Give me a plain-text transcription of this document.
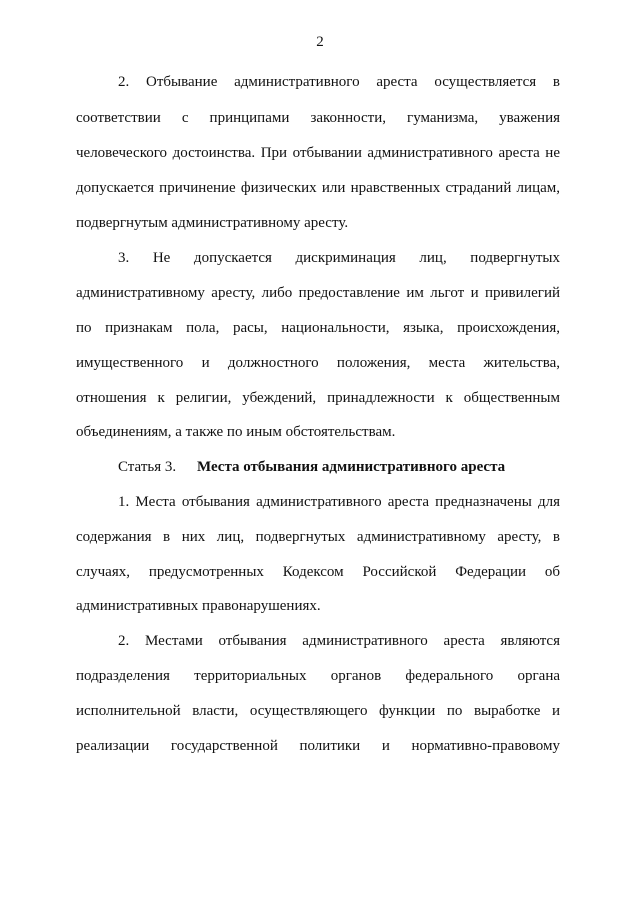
2
2. Отбывание административного ареста осуществляется в
соответствии с принципами законности, гуманизма, уважения
человеческого достоинства. При отбывании административного ареста не
допускается причинение физических или нравственных страданий лицам,
подвергнутым административному аресту.
3. Не допускается дискриминация лиц, подвергнутых
административному аресту, либо предоставление им льгот и привилегий
по признакам пола, расы, национальности, языка, происхождения,
имущественного и должностного положения, места жительства,
отношения к религии, убеждений, принадлежности к общественным
объединениям, а также по иным обстоятельствам.
Статья 3. Места отбывания административного ареста
1. Места отбывания административного ареста предназначены для
содержания в них лиц, подвергнутых административному аресту, в
случаях, предусмотренных Кодексом Российской Федерации об
административных правонарушениях.
2. Местами отбывания административного ареста являются
подразделения территориальных органов федерального органа
исполнительной власти, осуществляющего функции по выработке и
реализации государственной политики и нормативно-правовому
